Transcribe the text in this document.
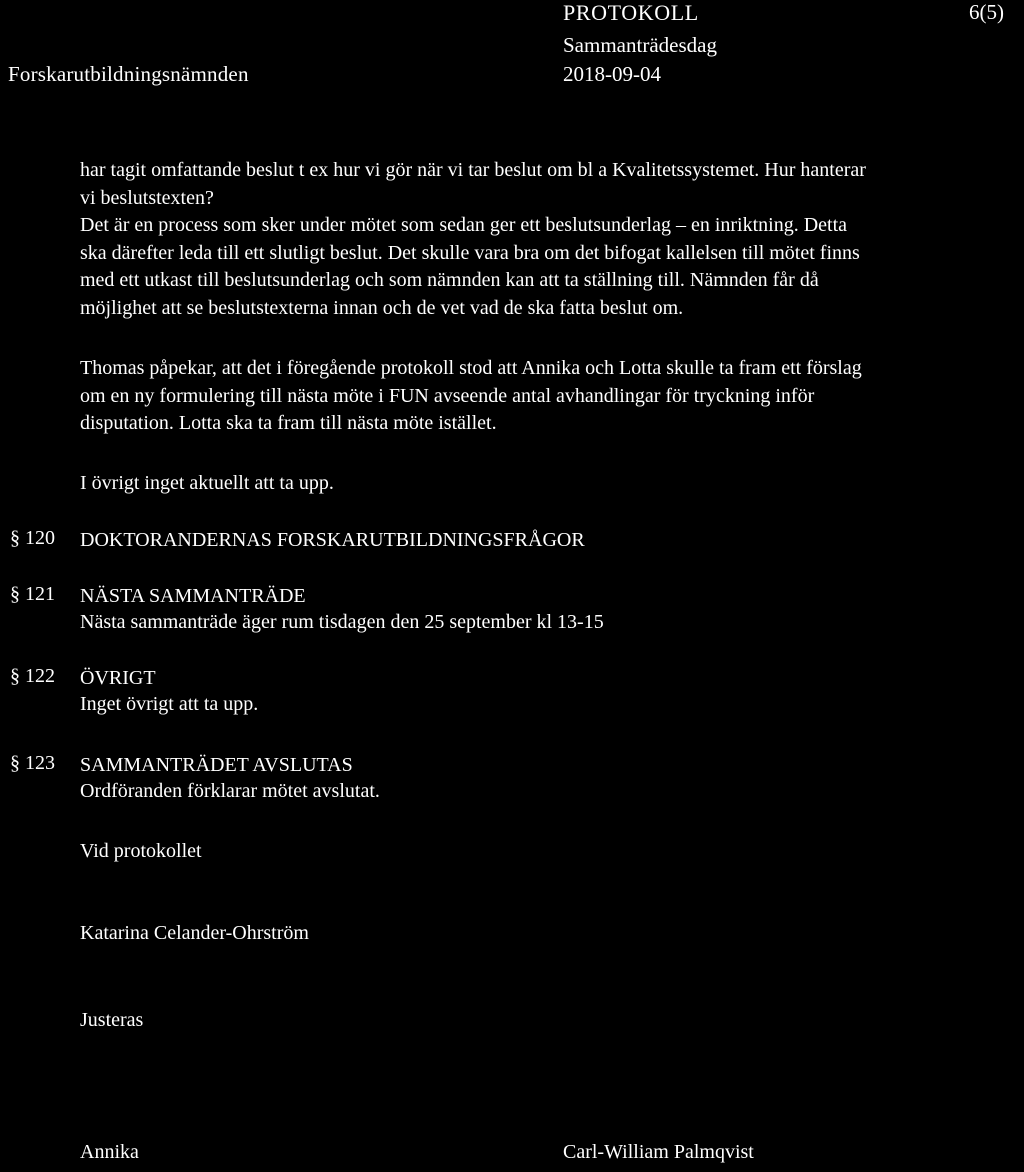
Forskarutbildningsnämnden
PROTOKOLL
Sammanträdesdag
2018-09-04
6(5)
har tagit omfattande beslut t ex hur vi gör när vi tar beslut om bl a Kvalitetssystemet. Hur hanterar
vi beslutstexten?
Det är en process som sker under mötet som sedan ger ett beslutsunderlag – en inriktning. Detta
ska därefter leda till ett slutligt beslut. Det skulle vara bra om det bifogat kallelsen till mötet finns
med ett utkast till beslutsunderlag och som nämnden kan att ta ställning till. Nämnden får då
möjlighet att se beslutstexterna innan och de vet vad de ska fatta beslut om.
Thomas påpekar, att det i föregående protokoll stod att Annika och Lotta skulle ta fram ett förslag
om en ny formulering till nästa möte i FUN avseende antal avhandlingar för tryckning inför
disputation. Lotta ska ta fram till nästa möte istället.
I övrigt inget aktuellt att ta upp.
§ 120 DOKTORANDERNAS FORSKARUTBILDNINGSFRÅGOR
§ 121 NÄSTA SAMMANTRÄDE
Nästa sammanträde äger rum tisdagen den 25 september kl 13-15
§ 122 ÖVRIGT
Inget övrigt att ta upp.
§ 123 SAMMANTRÄDET AVSLUTAS
Ordföranden förklarar mötet avslutat.
Vid protokollet
Katarina Celander-Ohrström
Justeras
Annika	Carl-William Palmqvist
